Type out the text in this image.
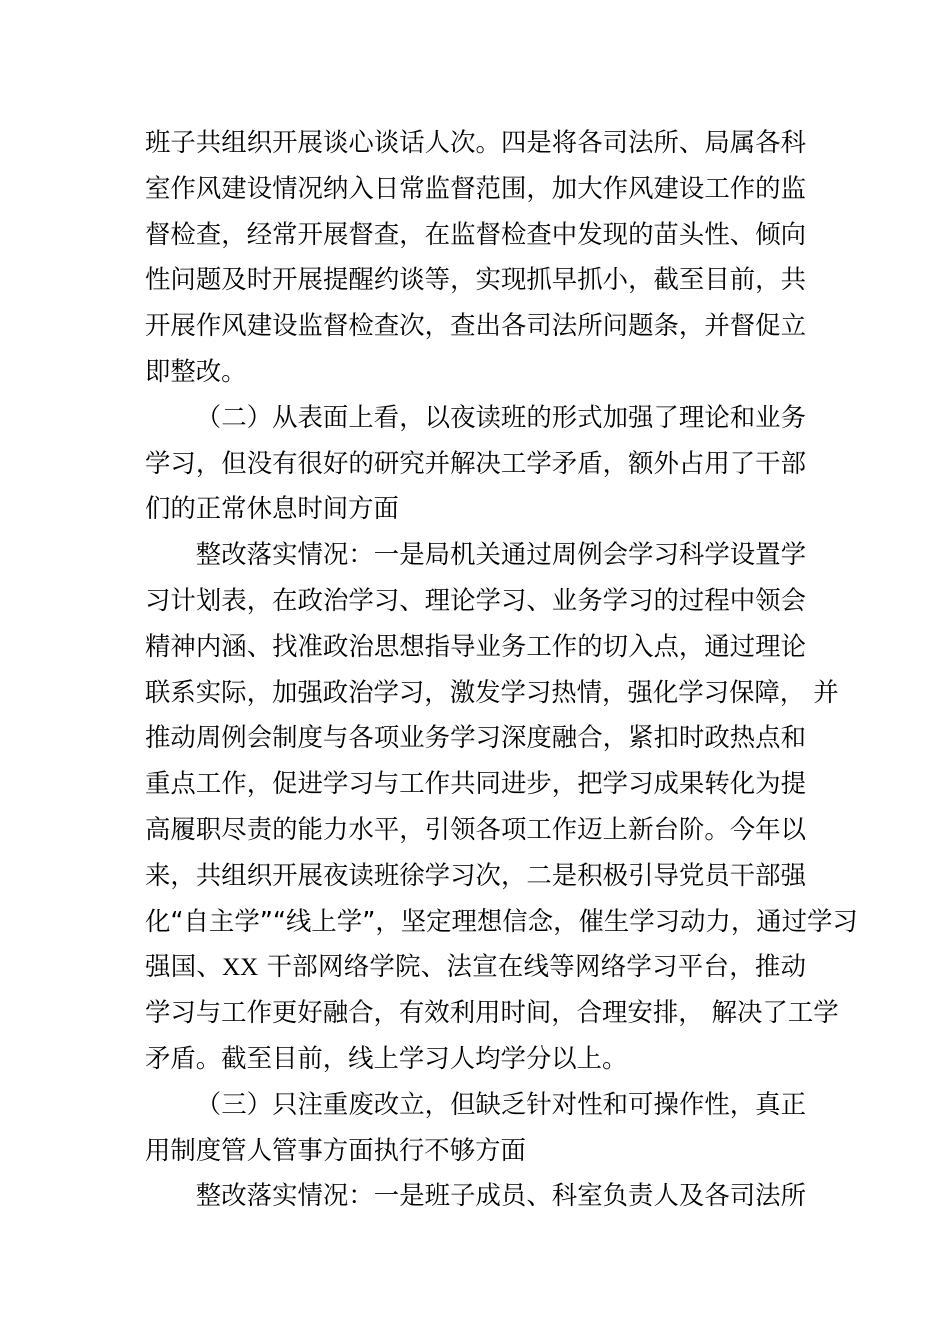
班子共组织开展谈心谈话人次。四是将各司法所、局属各科
室作风建设情况纳入日常监督范围，加大作风建设工作的监
督检查，经常开展督查，在监督检查中发现的苗头性、倾向
性问题及时开展提醒约谈等，实现抓早抓小，截至目前，共
开展作风建设监督检查次，查出各司法所问题条，并督促立
即整改。
（二）从表面上看，以夜读班的形式加强了理论和业务
学习，但没有很好的研究并解决工学矛盾，额外占用了干部
们的正常休息时间方面
整改落实情况：一是局机关通过周例会学习科学设置学
习计划表，在政治学习、理论学习、业务学习的过程中领会
精神内涵、找准政治思想指导业务工作的切入点，通过理论
联系实际，加强政治学习，激发学习热情，强化学习保障， 并
推动周例会制度与各项业务学习深度融合，紧扣时政热点和
重点工作，促进学习与工作共同进步，把学习成果转化为提
高履职尽责的能力水平，引领各项工作迈上新台阶。今年以
来，共组织开展夜读班徐学习次，二是积极引导党员干部强
化“自主学”“线上学”，坚定理想信念，催生学习动力，通过学习
强国、XX 干部网络学院、法宣在线等网络学习平台，推动
学习与工作更好融合，有效利用时间，合理安排， 解决了工学
矛盾。截至目前，线上学习人均学分以上。
（三）只注重废改立，但缺乏针对性和可操作性，真正
用制度管人管事方面执行不够方面
整改落实情况：一是班子成员、科室负责人及各司法所
